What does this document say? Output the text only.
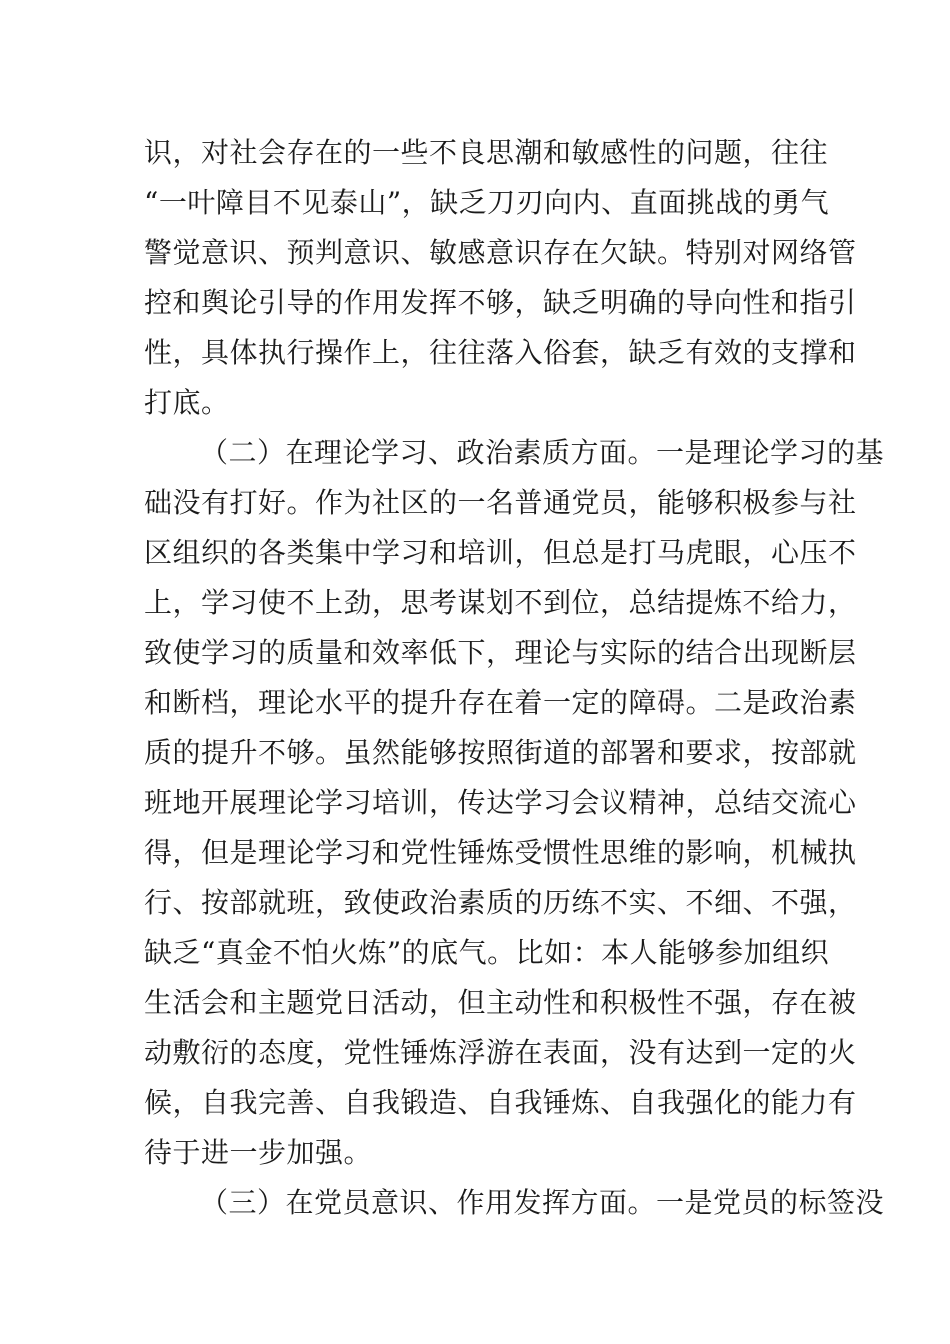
识，对社会存在的一些不良思潮和敏感性的问题，往往
“一叶障目不见泰山”，缺乏刀刃向内、直面挑战的勇气
警觉意识、预判意识、敏感意识存在欠缺。特别对网络管
控和舆论引导的作用发挥不够，缺乏明确的导向性和指引
性，具体执行操作上，往往落入俗套，缺乏有效的支撑和
打底。
（二）在理论学习、政治素质方面。一是理论学习的基
础没有打好。作为社区的一名普通党员，能够积极参与社
区组织的各类集中学习和培训，但总是打马虎眼，心压不
上，学习使不上劲，思考谋划不到位，总结提炼不给力，
致使学习的质量和效率低下，理论与实际的结合出现断层
和断档，理论水平的提升存在着一定的障碍。二是政治素
质的提升不够。虽然能够按照街道的部署和要求，按部就
班地开展理论学习培训，传达学习会议精神，总结交流心
得，但是理论学习和党性锤炼受惯性思维的影响，机械执
行、按部就班，致使政治素质的历练不实、不细、不强，
缺乏“真金不怕火炼”的底气。比如：本人能够参加组织
生活会和主题党日活动，但主动性和积极性不强，存在被
动敷衍的态度，党性锤炼浮游在表面，没有达到一定的火
候，自我完善、自我锻造、自我锤炼、自我强化的能力有
待于进一步加强。
（三）在党员意识、作用发挥方面。一是党员的标签没
